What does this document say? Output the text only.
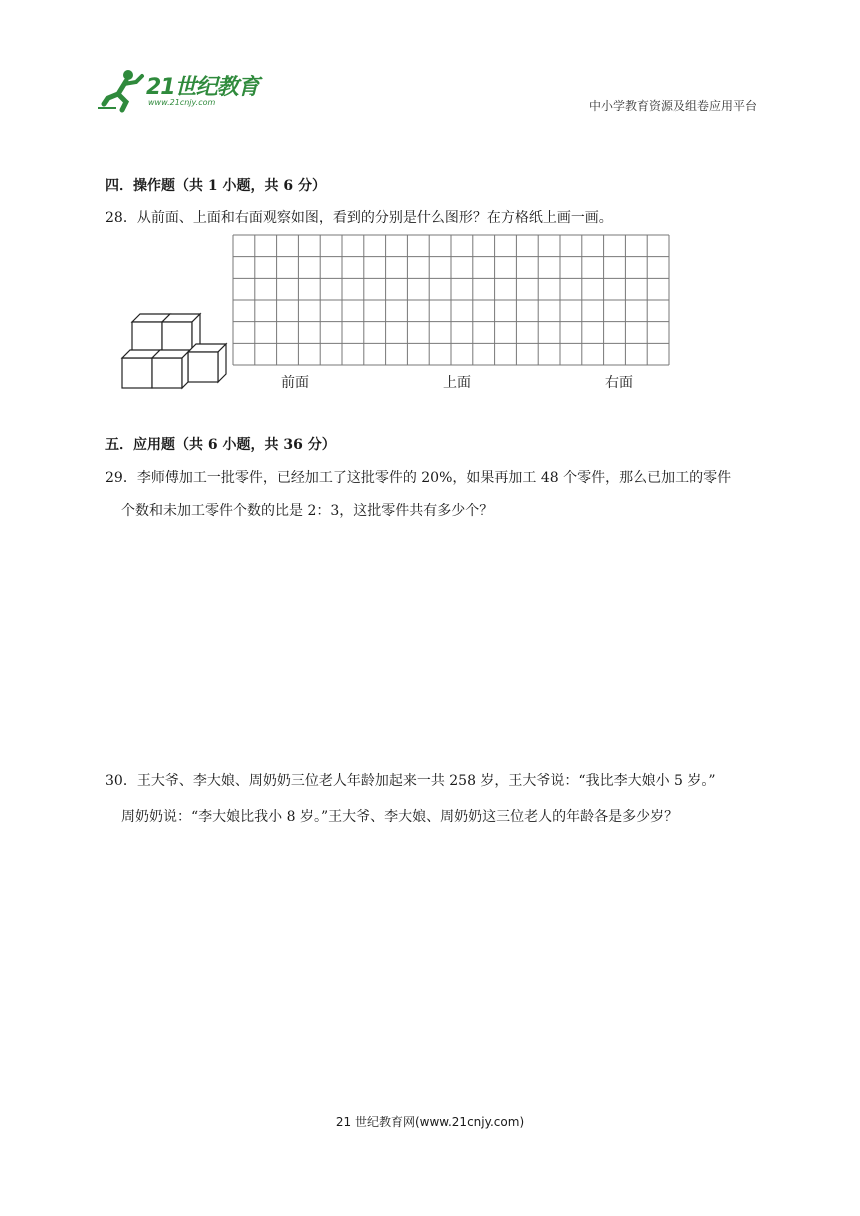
21世纪教育
www.21cnjy.com	中小学教育资源及组卷应用平台
四．操作题（共 1 小题，共 6 分）
28．从前面、上面和右面观察如图，看到的分别是什么图形？在方格纸上画一画。
前面	上面	右面
五．应用题（共 6 小题，共 36 分）
29．李师傅加工一批零件，已经加工了这批零件的 20%，如果再加工 48 个零件，那么已加工的零件
个数和未加工零件个数的比是 2：3，这批零件共有多少个？
30．王大爷、李大娘、周奶奶三位老人年龄加起来一共 258 岁，王大爷说：“我比李大娘小 5 岁。”
周奶奶说：“李大娘比我小 8 岁。”王大爷、李大娘、周奶奶这三位老人的年龄各是多少岁？
21 世纪教育网(www.21cnjy.com)
